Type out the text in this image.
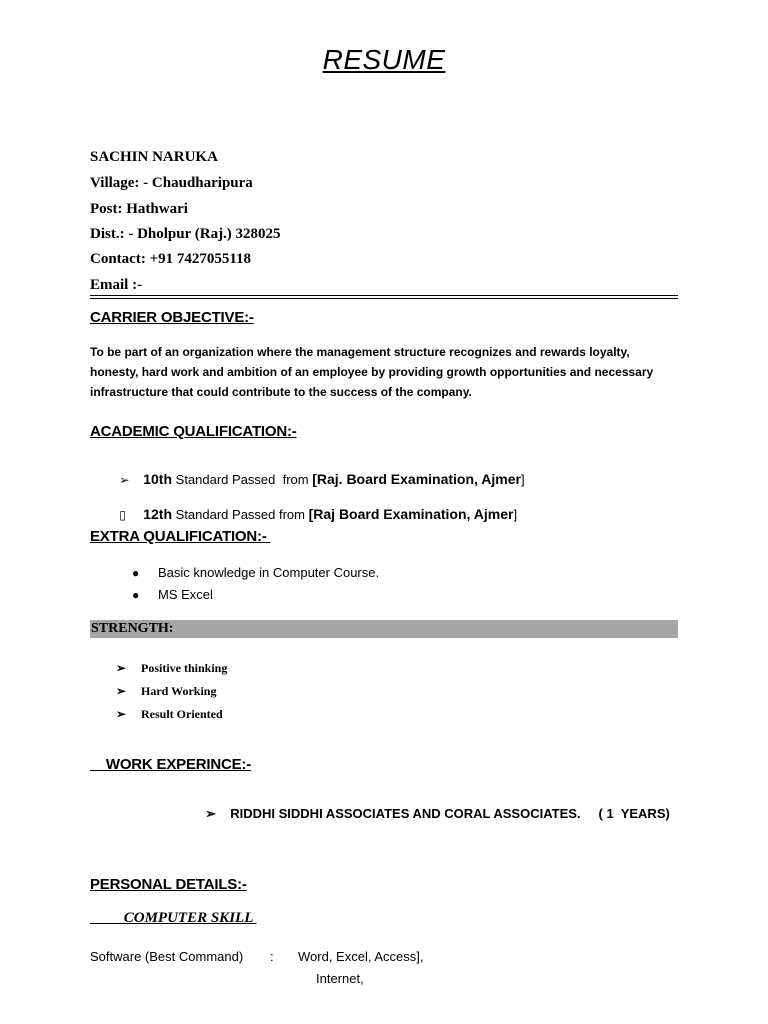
RESUME
SACHIN NARUKA
Village: - Chaudharipura
Post: Hathwari
Dist.: - Dholpur (Raj.) 328025
Contact: +91 7427055118
Email :-
CARRIER OBJECTIVE:-
To be part of an organization where the management structure recognizes and rewards loyalty, honesty, hard work and ambition of an employee by providing growth opportunities and necessary infrastructure that could contribute to the success of the company.
ACADEMIC QUALIFICATION:-

➢ 10th Standard Passed  from [Raj. Board Examination, Ajmer]

▯ 12th Standard Passed from [Raj Board Examination, Ajmer]

EXTRA QUALIFICATION:-
● Basic knowledge in Computer Course.
● MS Excel
STRENGTH:
➢ Positive thinking
➢ Hard Working
➢ Result Oriented
WORK EXPERINCE:-

➢ RIDDHI SIDDHI ASSOCIATES AND CORAL ASSOCIATES. ( 1  YEARS)

PERSONAL DETAILS:-
COMPUTER SKILL
Software (Best Command) : Word, Excel, Access],
Internet,
